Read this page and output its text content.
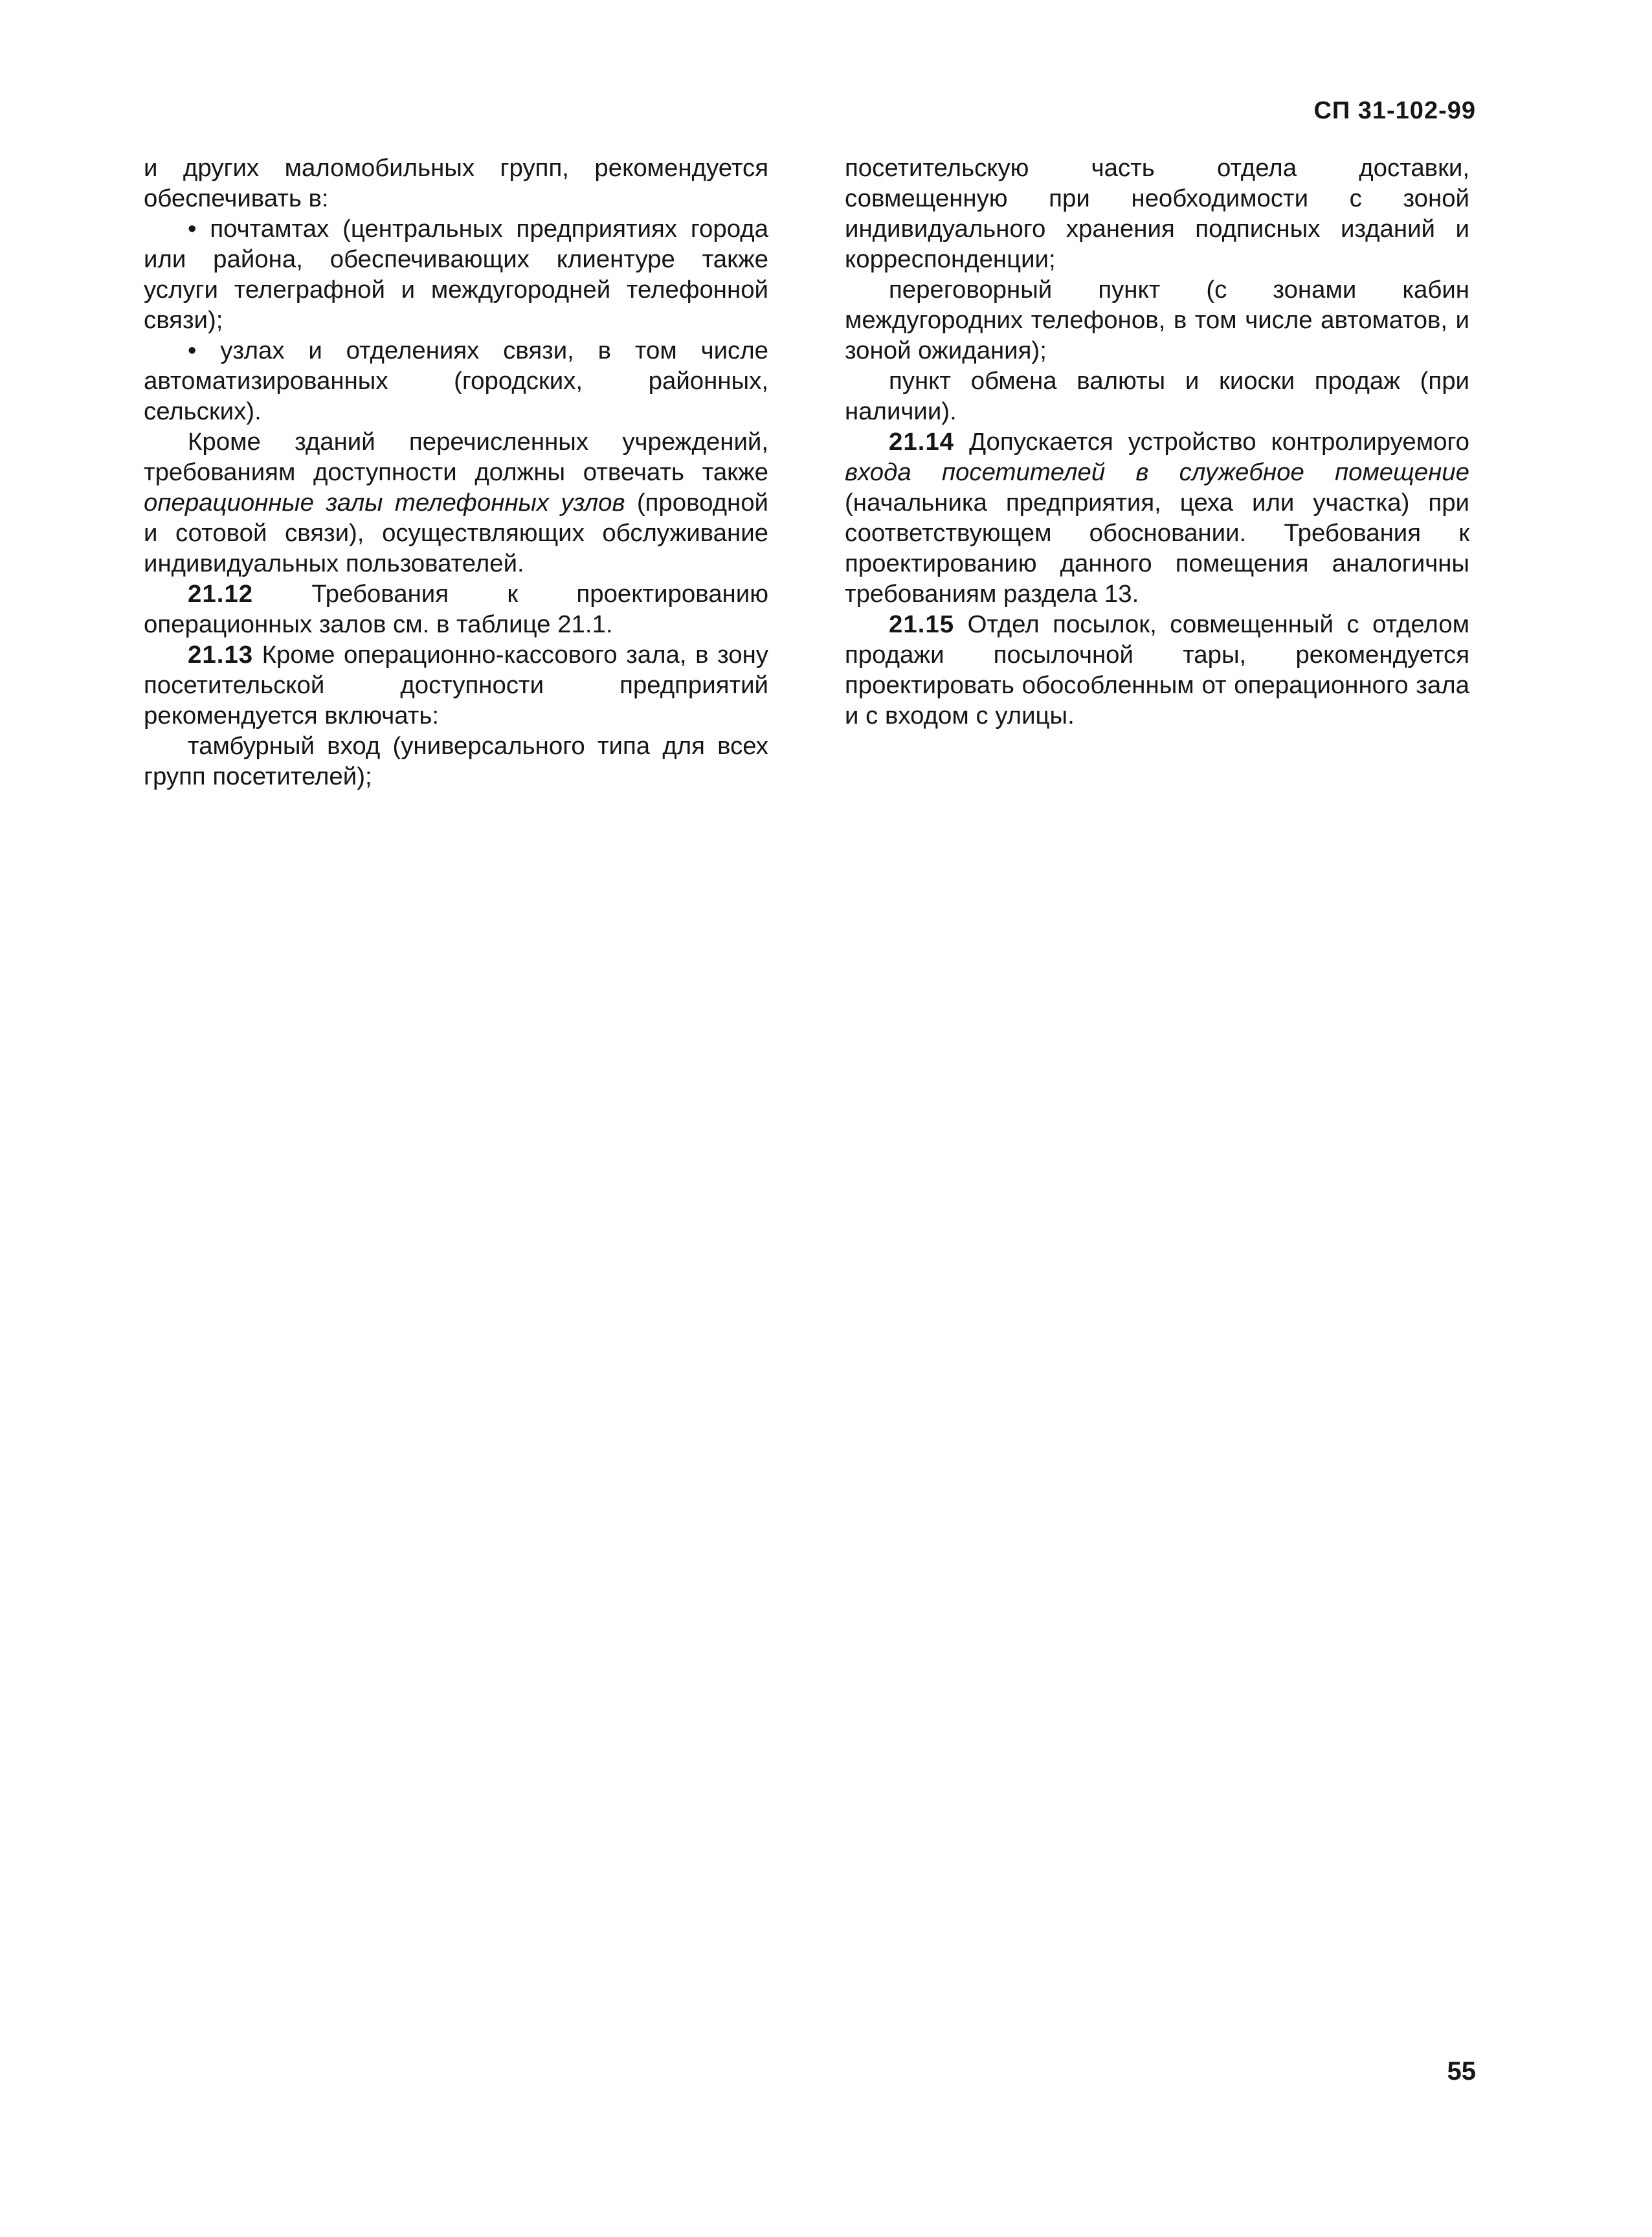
СП 31-102-99

и других маломобильных групп, рекомендуется обеспечивать в:

• почтамтах (центральных предприятиях города или района, обеспечивающих клиентуре также услуги телеграфной и междугородней телефонной связи);

• узлах и отделениях связи, в том числе автоматизированных (городских, районных, сельских).

Кроме зданий перечисленных учреждений, требованиям доступности должны отвечать также операционные залы телефонных узлов (проводной и сотовой связи), осуществляющих обслуживание индивидуальных пользователей.

21.12 Требования к проектированию операционных залов см. в таблице 21.1.

21.13 Кроме операционно-кассового зала, в зону посетительской доступности предприятий рекомендуется включать:

тамбурный вход (универсального типа для всех групп посетителей);

посетительскую часть отдела доставки, совмещенную при необходимости с зоной индивидуального хранения подписных изданий и корреспонденции;

переговорный пункт (с зонами кабин междугородних телефонов, в том числе автоматов, и зоной ожидания);

пункт обмена валюты и киоски продаж (при наличии).

21.14 Допускается устройство контролируемого входа посетителей в служебное помещение (начальника предприятия, цеха или участка) при соответствующем обосновании. Требования к проектированию данного помещения аналогичны требованиям раздела 13.

21.15 Отдел посылок, совмещенный с отделом продажи посылочной тары, рекомендуется проектировать обособленным от операционного зала и с входом с улицы.

55
